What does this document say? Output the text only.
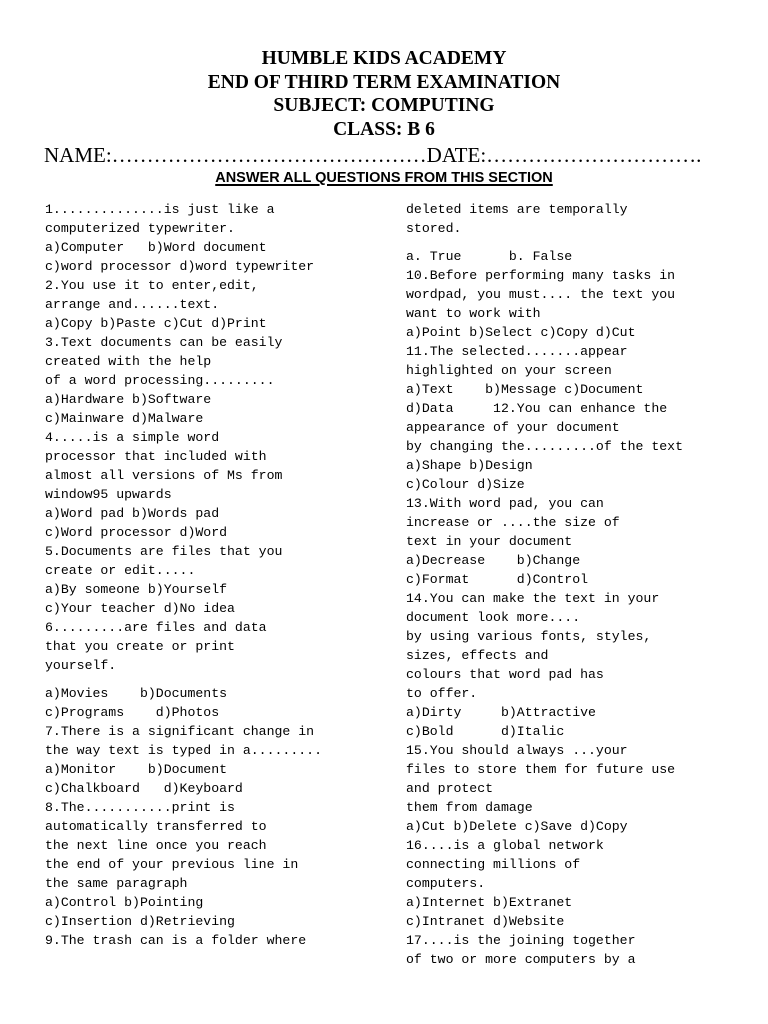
HUMBLE KIDS ACADEMY
END OF THIRD TERM EXAMINATION
SUBJECT: COMPUTING
CLASS: B 6
NAME:………………………………………DATE:………………………….
ANSWER ALL QUESTIONS FROM THIS SECTION
1..............is just like a
computerized typewriter.
a)Computer   b)Word document
c)word processor d)word typewriter
2.You use it to enter,edit,
arrange and......text.
a)Copy b)Paste c)Cut d)Print
3.Text documents can be easily
created with the help
of a word processing.........
a)Hardware b)Software
c)Mainware d)Malware
4.....is a simple word
processor that included with
almost all versions of Ms from
window95 upwards
a)Word pad b)Words pad
c)Word processor d)Word
5.Documents are files that you
create or edit.....
a)By someone b)Yourself
c)Your teacher d)No idea
6.........are files and data
that you create or print
yourself.
a)Movies    b)Documents
c)Programs    d)Photos
7.There is a significant change in
the way text is typed in a.........
a)Monitor    b)Document
c)Chalkboard   d)Keyboard
8.The...........print is
automatically transferred to
the next line once you reach
the end of your previous line in
the same paragraph
a)Control b)Pointing
c)Insertion d)Retrieving
9.The trash can is a folder where
deleted items are temporally
stored.
a. True      b. False
10.Before performing many tasks in
wordpad, you must.... the text you
want to work with
a)Point b)Select c)Copy d)Cut
11.The selected.......appear
highlighted on your screen
a)Text    b)Message c)Document
d)Data     12.You can enhance the
appearance of your document
by changing the.........of the text
a)Shape b)Design
c)Colour d)Size
13.With word pad, you can
increase or ....the size of
text in your document
a)Decrease    b)Change
c)Format      d)Control
14.You can make the text in your
document look more....
by using various fonts, styles,
sizes, effects and
colours that word pad has
to offer.
a)Dirty     b)Attractive
c)Bold      d)Italic
15.You should always ...your
files to store them for future use
and protect
them from damage
a)Cut b)Delete c)Save d)Copy
16....is a global network
connecting millions of
computers.
a)Internet b)Extranet
c)Intranet d)Website
17....is the joining together
of two or more computers by a
